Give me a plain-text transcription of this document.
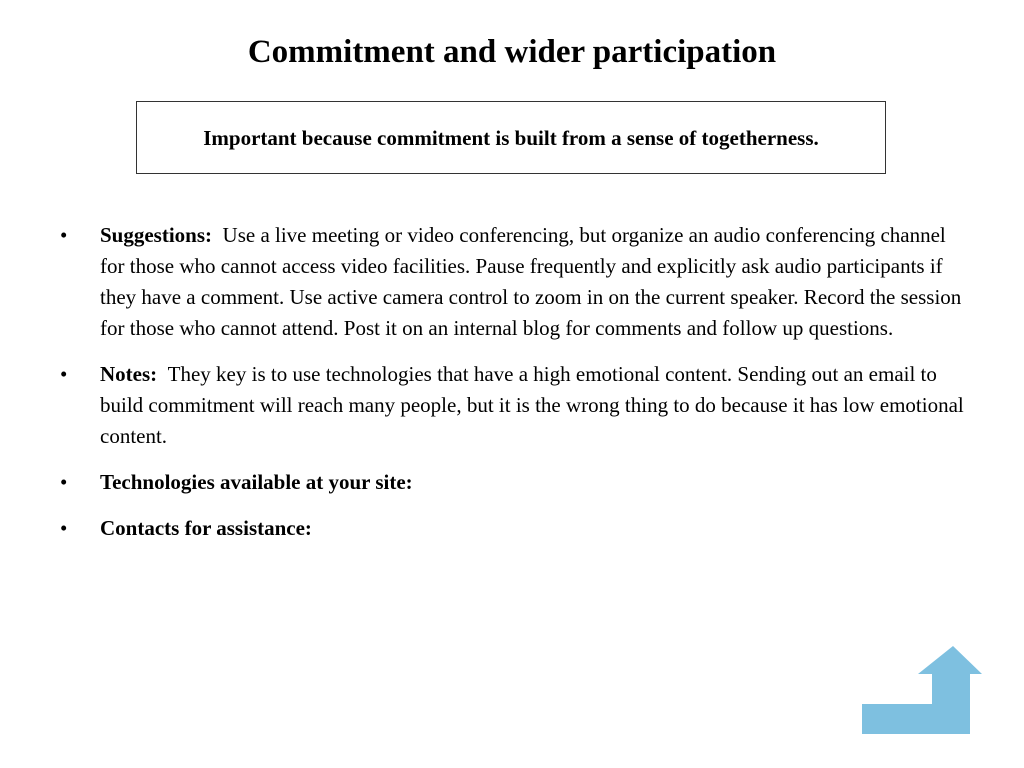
Commitment and wider participation
Important because commitment is built from a sense of togetherness.
•	Suggestions: Use a live meeting or video conferencing, but organize an audio conferencing channel for those who cannot access video facilities. Pause frequently and explicitly ask audio participants if they have a comment. Use active camera control to zoom in on the current speaker. Record the session for those who cannot attend. Post it on an internal blog for comments and follow up questions.
•	Notes: They key is to use technologies that have a high emotional content. Sending out an email to build commitment will reach many people, but it is the wrong thing to do because it has low emotional content.
•	Technologies available at your site:
•	Contacts for assistance:
